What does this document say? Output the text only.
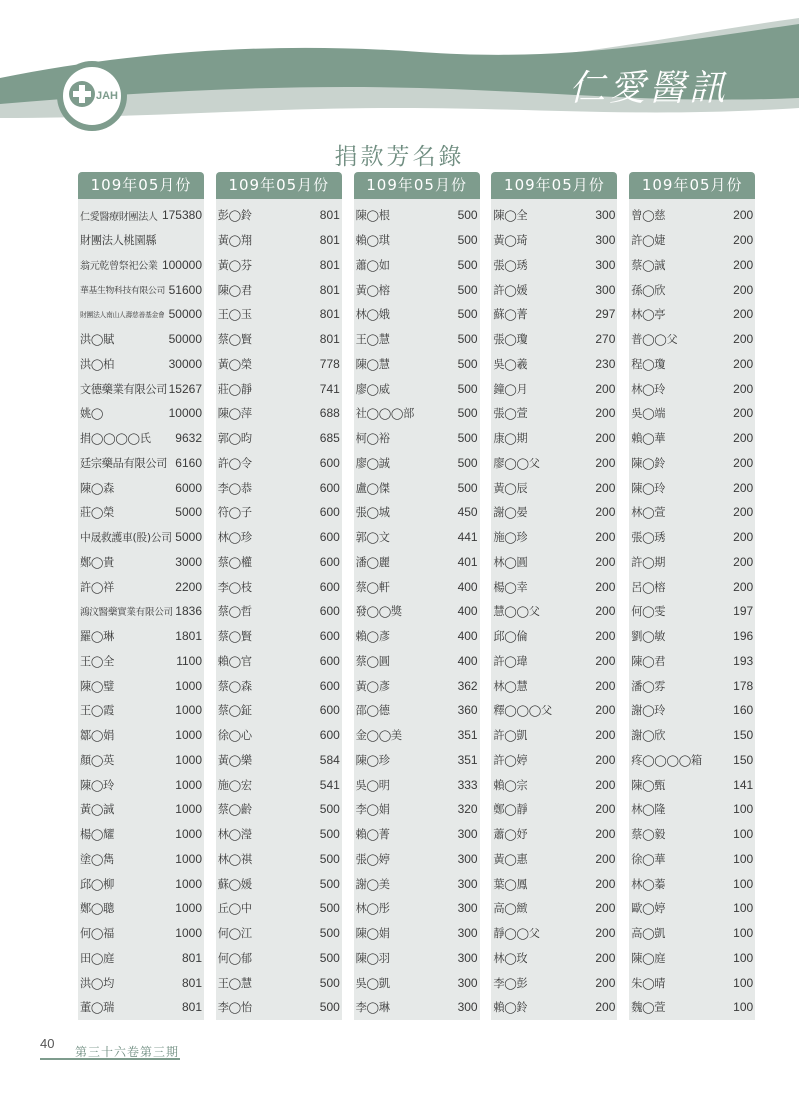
JAH	仁愛醫訊
捐款芳名錄
109年05月份
仁愛醫療財團法人 175380
財團法人桃園縣
翁元乾曾祭祀公業 100000
華基生物科技有限公司 51600
財團法人南山人壽慈善基金會 50000
洪◯賦	50000
洪◯柏	30000
文德藥業有限公司 15267
姚◯	10000
捐◯◯◯◯氏 9632
廷宗藥品有限公司 6160
陳◯森	6000
莊◯榮	5000
中晟救護車(股)公司 5000
鄭◯貴	3000
許◯祥	2200
鴻汶醫藥實業有限公司 1836
羅◯琳	1801
王◯全	1100
陳◯璧	1000
王◯霞	1000
鄒◯娟	1000
顏◯英	1000
陳◯玲	1000
黃◯誠	1000
楊◯耀	1000
塗◯雋	1000
邱◯柳	1000
鄭◯聰	1000
何◯福	1000
田◯庭	801
洪◯均	801
董◯瑞	801
109年05月份
彭◯鈴	801
黃◯翔	801
黃◯芬	801
陳◯君	801
王◯玉	801
蔡◯賢	801
黃◯榮	778
莊◯靜	741
陳◯萍	688
郭◯昀	685
許◯令	600
李◯恭	600
符◯子	600
林◯珍	600
蔡◯權	600
李◯枝	600
蔡◯哲	600
蔡◯賢	600
賴◯官	600
蔡◯森	600
蔡◯鉦	600
徐◯心	600
黃◯樂	584
施◯宏	541
蔡◯齡	500
林◯瀅	500
林◯祺	500
蘇◯媛	500
丘◯中	500
何◯江	500
何◯郁	500
王◯慧	500
李◯怡	500
109年05月份
陳◯根	500
賴◯琪	500
蕭◯如	500
黃◯榕	500
林◯娥	500
王◯慧	500
陳◯慧	500
廖◯威	500
社◯◯◯部	500
柯◯裕	500
廖◯誠	500
盧◯傑	500
張◯城	450
郭◯文	441
潘◯麗	401
蔡◯軒	400
發◯◯獎	400
賴◯彥	400
蔡◯圓	400
黃◯彥	362
邵◯德	360
金◯◯美	351
陳◯珍	351
吳◯明	333
李◯娟	320
賴◯菁	300
張◯婷	300
謝◯美	300
林◯彤	300
陳◯娟	300
陳◯羽	300
吳◯凱	300
李◯琳	300
109年05月份
陳◯全	300
黃◯琦	300
張◯琇	300
許◯媛	300
蘇◯菁	297
張◯瓊	270
吳◯羲	230
鐘◯月	200
張◯萱	200
康◯期	200
廖◯◯父	200
黃◯辰	200
謝◯晏	200
施◯珍	200
林◯圓	200
楊◯幸	200
慧◯◯父	200
邱◯倫	200
許◯瑋	200
林◯慧	200
釋◯◯◯父	200
許◯凱	200
許◯婷	200
賴◯宗	200
鄭◯靜	200
蕭◯妤	200
黃◯惠	200
葉◯鳳	200
高◯緻	200
靜◯◯父	200
林◯玫	200
李◯彭	200
賴◯鈴	200
109年05月份
曾◯慈	200
許◯婕	200
蔡◯誠	200
孫◯欣	200
林◯亭	200
普◯◯父	200
程◯瓊	200
林◯玲	200
吳◯端	200
賴◯華	200
陳◯鈴	200
陳◯玲	200
林◯萱	200
張◯琇	200
許◯期	200
呂◯榕	200
何◯雯	197
劉◯敏	196
陳◯君	193
潘◯雰	178
謝◯玲	160
謝◯欣	150
疼◯◯◯◯箱	150
陳◯甄	141
林◯隆	100
蔡◯毅	100
徐◯華	100
林◯蓁	100
歐◯婷	100
高◯凱	100
陳◯庭	100
朱◯晴	100
魏◯萱	100
40
第三十六卷第三期
